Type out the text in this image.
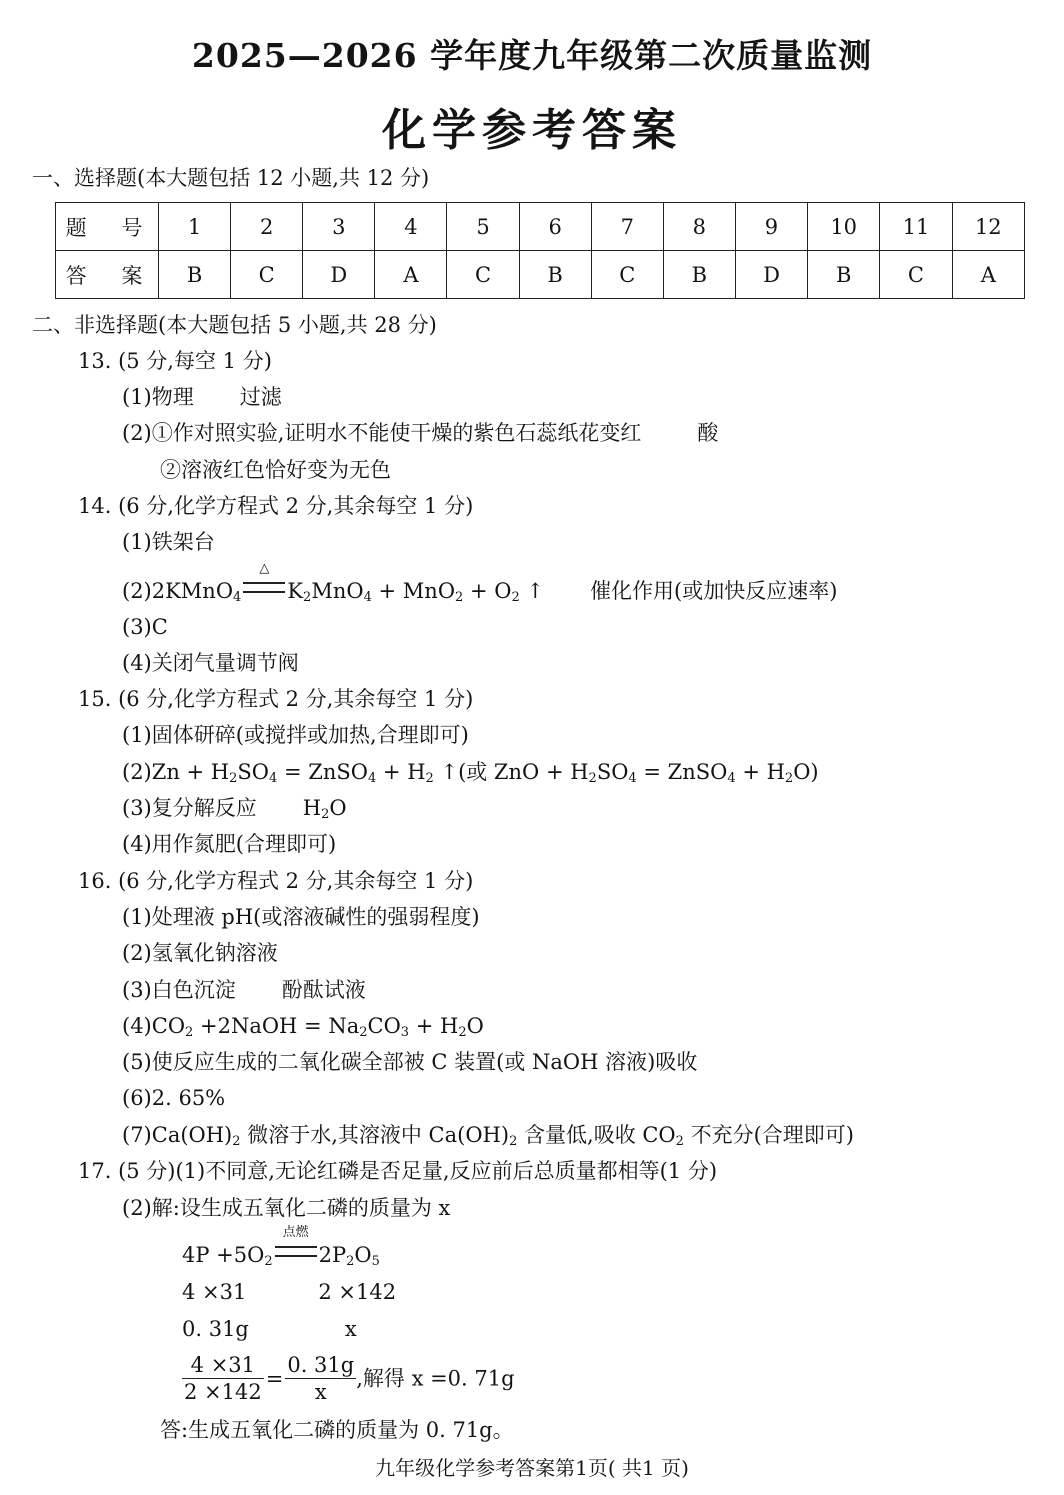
2025—2026 学年度九年级第二次质量监测
化学参考答案
一、选择题(本大题包括 12 小题,共 12 分)
题 号	1	2	3	4	5	6	7	8	9	10	11	12
答 案	B	C	D	A	C	B	C	B	D	B	C	A
二、非选择题(本大题包括 5 小题,共 28 分)
13. (5 分,每空 1 分)
(1)物理 过滤
(2)①作对照实验,证明水不能使干燥的紫色石蕊纸花变红	酸
②溶液红色恰好变为无色
14. (6 分,化学方程式 2 分,其余每空 1 分)
(1)铁架台
(2)2KMnO$_4$
△
$K_2MnO_4 + MnO_2 + O_2$ ↑ 催化作用(或加快反应速率)
(3)C
(4)关闭气量调节阀
15. (6 分,化学方程式 2 分,其余每空 1 分)
(1)固体研碎(或搅拌或加热,合理即可)
$(2)Zn + H_2SO_4$ = ZnSO$_4$ + $H_2$ ↑(或 ZnO + $H_2SO_4$ = ZnSO$_4$ + $H_2O$)
(3)复分解反应 $H_2O$
(4)用作氮肥(合理即可)
16. (6 分,化学方程式 2 分,其余每空 1 分)
(1)处理液 pH(或溶液碱性的强弱程度)
(2)氢氧化钠溶液
(3)白色沉淀 酚酞试液
$(4)CO_2$ +2NaOH = $Na_2CO_3 + H_2O$
(5)使反应生成的二氧化碳全部被 C 装置(或 NaOH 溶液)吸收
(6)2. 65%
$(7)Ca(OH)_2$ 微溶于水,其溶液中 $Ca(OH)_2$ 含量低,吸收 $CO_2$ 不充分(合理即可)
17. (5 分)(1)不同意,无论红磷是否足量,反应前后总质量都相等(1 分)
(2)解:设生成五氧化二磷的质量为 x
$4P +5O_2$
点燃
$2P_2O_5$
4 ×31	2 ×142
0. 31g	x
$\frac{4 \times 31}{2 \times 142} = \frac{0. 31g}{x}$ ,解得 x =0. 71g
答:生成五氧化二磷的质量为 0. 71g。
九年级化学参考答案第1页( 共1 页)
